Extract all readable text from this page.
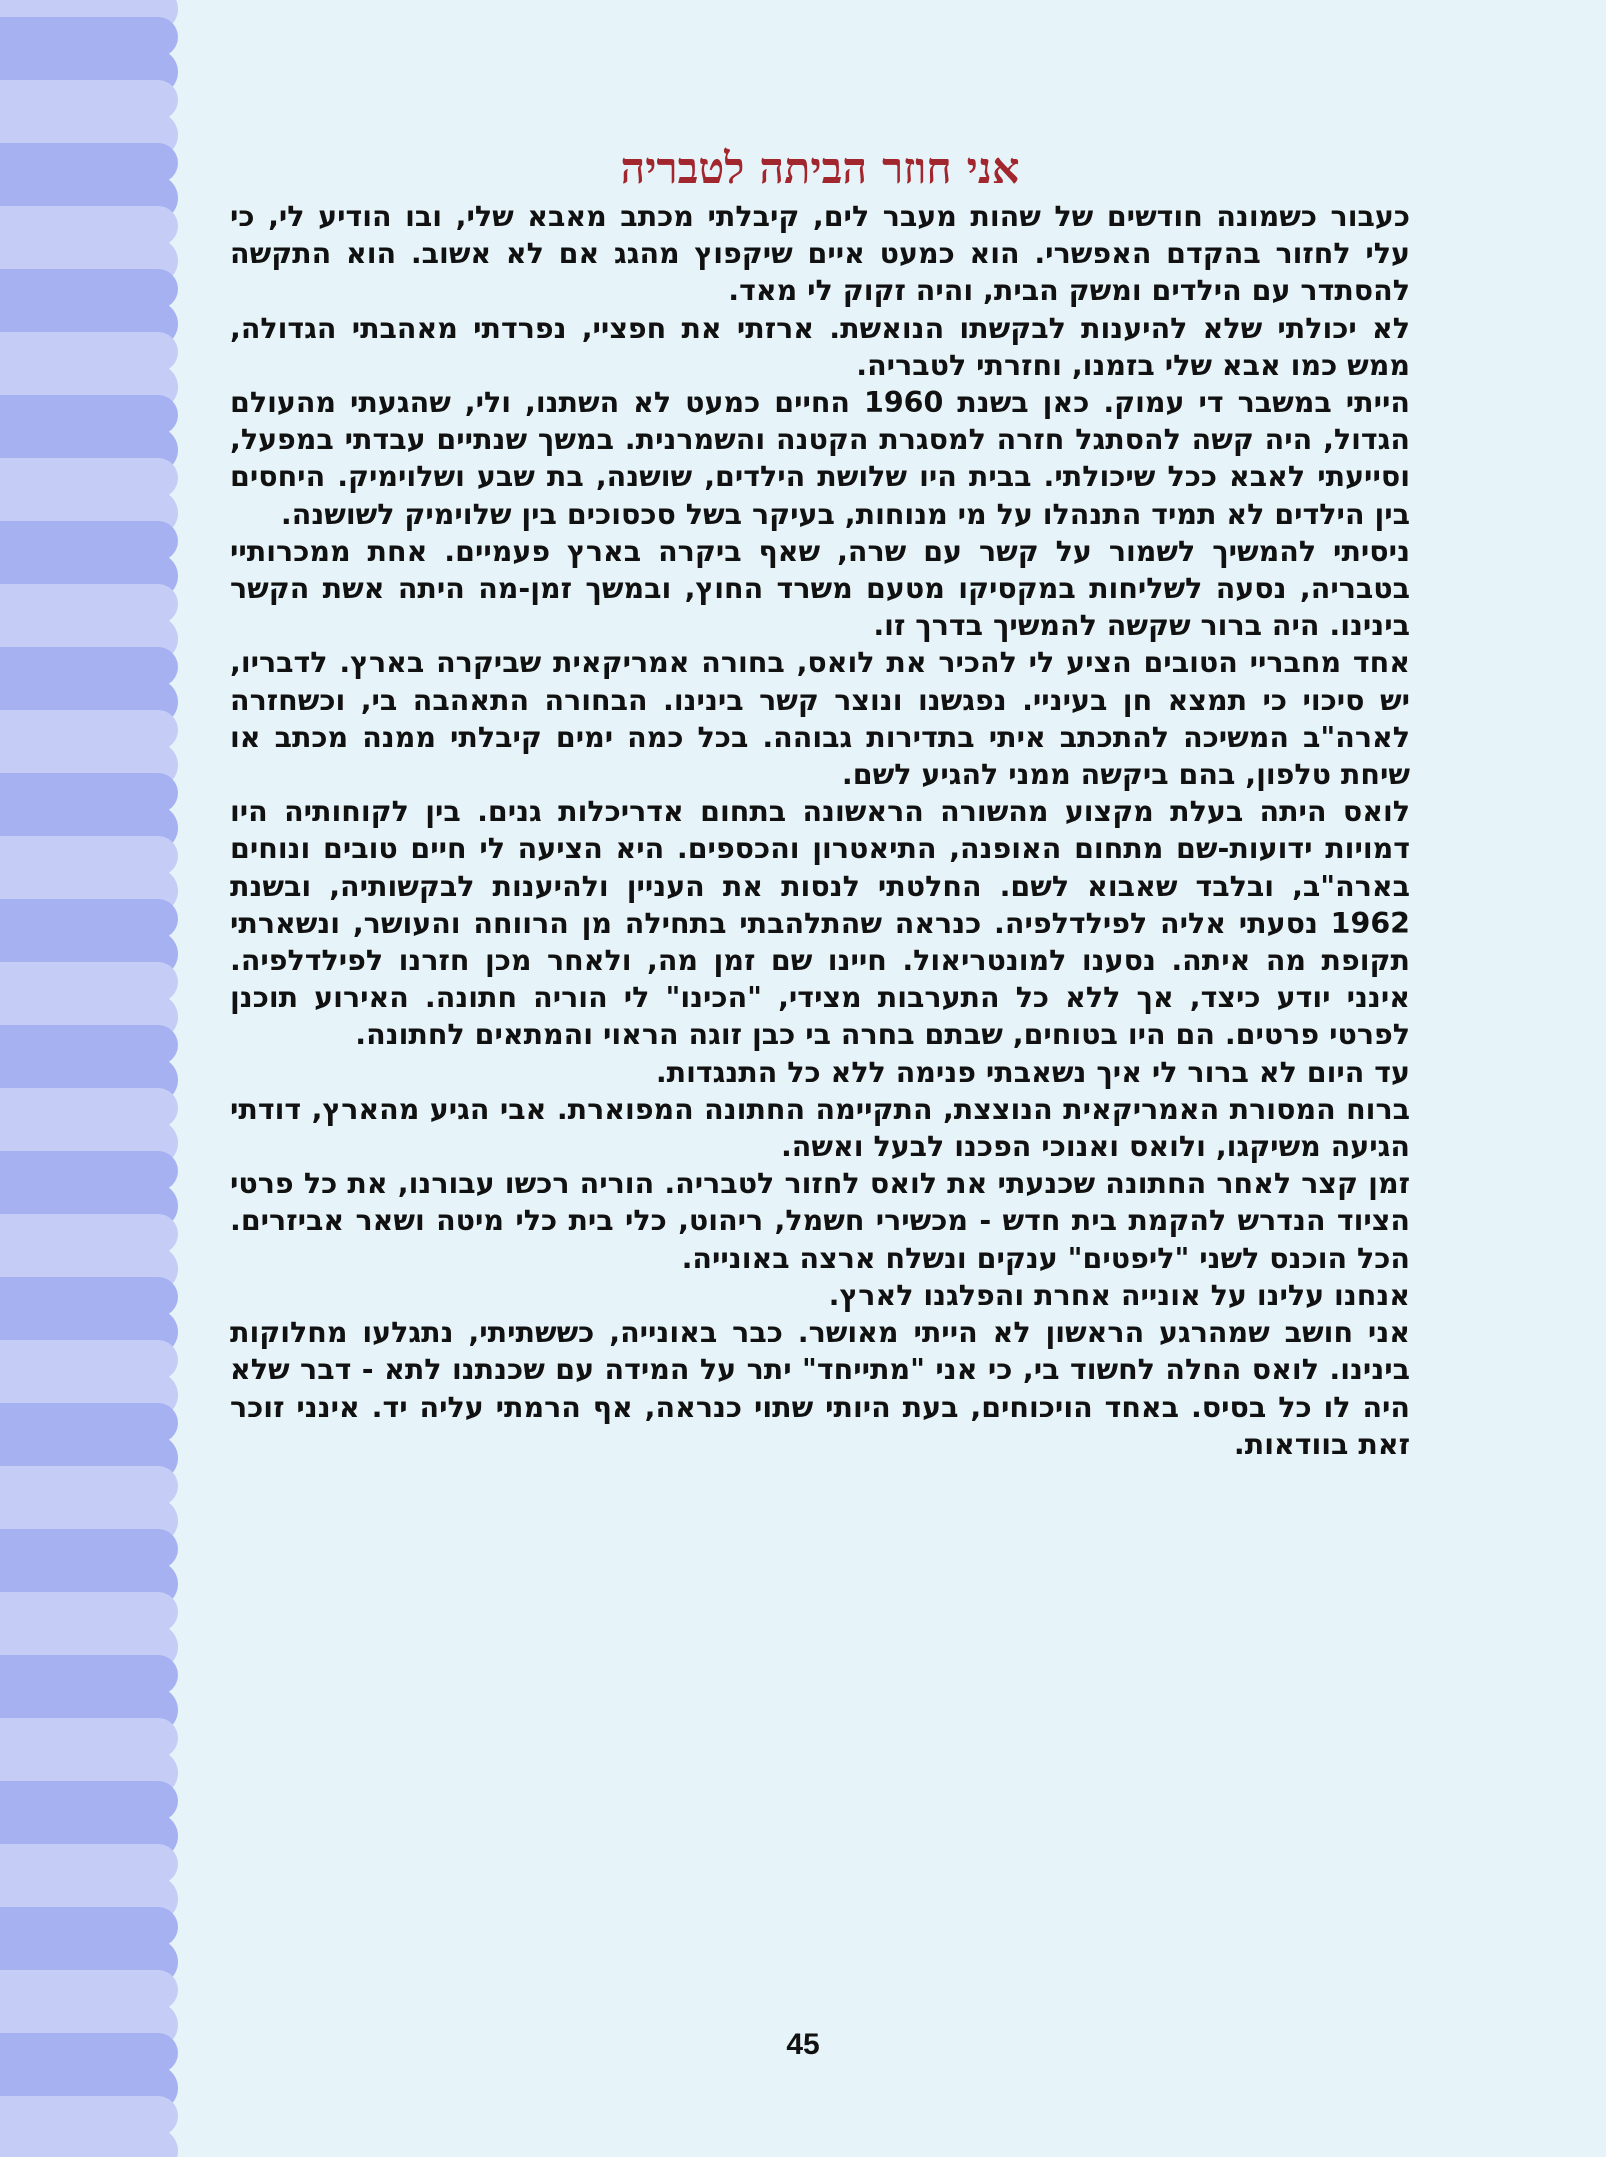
אני חוזר הביתה לטבריה

כעבור כשמונה חודשים של שהות מעבר לים, קיבלתי מכתב מאבא שלי, ובו הודיע לי, כי עלי לחזור בהקדם האפשרי. הוא כמעט איים שיקפוץ מהגג אם לא אשוב. הוא התקשה להסתדר עם הילדים ומשק הבית, והיה זקוק לי מאד.

לא יכולתי שלא להיענות לבקשתו הנואשת. ארזתי את חפציי, נפרדתי מאהבתי הגדולה, ממש כמו אבא שלי בזמנו, וחזרתי לטבריה.

הייתי במשבר די עמוק. כאן בשנת 1960 החיים כמעט לא השתנו, ולי, שהגעתי מהעולם הגדול, היה קשה להסתגל חזרה למסגרת הקטנה והשמרנית. במשך שנתיים עבדתי במפעל, וסייעתי לאבא ככל שיכולתי. בבית היו שלושת הילדים, שושנה, בת שבע ושלוימיק. היחסים בין הילדים לא תמיד התנהלו על מי מנוחות, בעיקר בשל סכסוכים בין שלוימיק לשושנה.

ניסיתי להמשיך לשמור על קשר עם שרה, שאף ביקרה בארץ פעמיים. אחת ממכרותיי בטבריה, נסעה לשליחות במקסיקו מטעם משרד החוץ, ובמשך זמן-מה היתה אשת הקשר בינינו. היה ברור שקשה להמשיך בדרך זו.

אחד מחבריי הטובים הציע לי להכיר את לואס, בחורה אמריקאית שביקרה בארץ. לדבריו, יש סיכוי כי תמצא חן בעיניי. נפגשנו ונוצר קשר בינינו. הבחורה התאהבה בי, וכשחזרה לארה"ב המשיכה להתכתב איתי בתדירות גבוהה. בכל כמה ימים קיבלתי ממנה מכתב או שיחת טלפון, בהם ביקשה ממני להגיע לשם.

לואס היתה בעלת מקצוע מהשורה הראשונה בתחום אדריכלות גנים. בין לקוחותיה היו דמויות ידועות-שם מתחום האופנה, התיאטרון והכספים. היא הציעה לי חיים טובים ונוחים בארה"ב, ובלבד שאבוא לשם. החלטתי לנסות את העניין ולהיענות לבקשותיה, ובשנת 1962 נסעתי אליה לפילדלפיה. כנראה שהתלהבתי בתחילה מן הרווחה והעושר, ונשארתי תקופת מה איתה. נסענו למונטריאול. חיינו שם זמן מה, ולאחר מכן חזרנו לפילדלפיה. אינני יודע כיצד, אך ללא כל התערבות מצידי, "הכינו" לי הוריה חתונה. האירוע תוכנן לפרטי פרטים. הם היו בטוחים, שבתם בחרה בי כבן זוגה הראוי והמתאים לחתונה.

עד היום לא ברור לי איך נשאבתי פנימה ללא כל התנגדות.

ברוח המסורת האמריקאית הנוצצת, התקיימה החתונה המפוארת. אבי הגיע מהארץ, דודתי הגיעה משיקגו, ולואס ואנוכי הפכנו לבעל ואשה.

זמן קצר לאחר החתונה שכנעתי את לואס לחזור לטבריה. הוריה רכשו עבורנו, את כל פרטי הציוד הנדרש להקמת בית חדש - מכשירי חשמל, ריהוט, כלי בית כלי מיטה ושאר אביזרים. הכל הוכנס לשני "ליפטים" ענקים ונשלח ארצה באונייה.

אנחנו עלינו על אונייה אחרת והפלגנו לארץ.

אני חושב שמהרגע הראשון לא הייתי מאושר. כבר באונייה, כששתיתי, נתגלעו מחלוקות בינינו. לואס החלה לחשוד בי, כי אני "מתייחד" יתר על המידה עם שכנתנו לתא - דבר שלא היה לו כל בסיס. באחד הויכוחים, בעת היותי שתוי כנראה, אף הרמתי עליה יד. אינני זוכר זאת בוודאות.

45
